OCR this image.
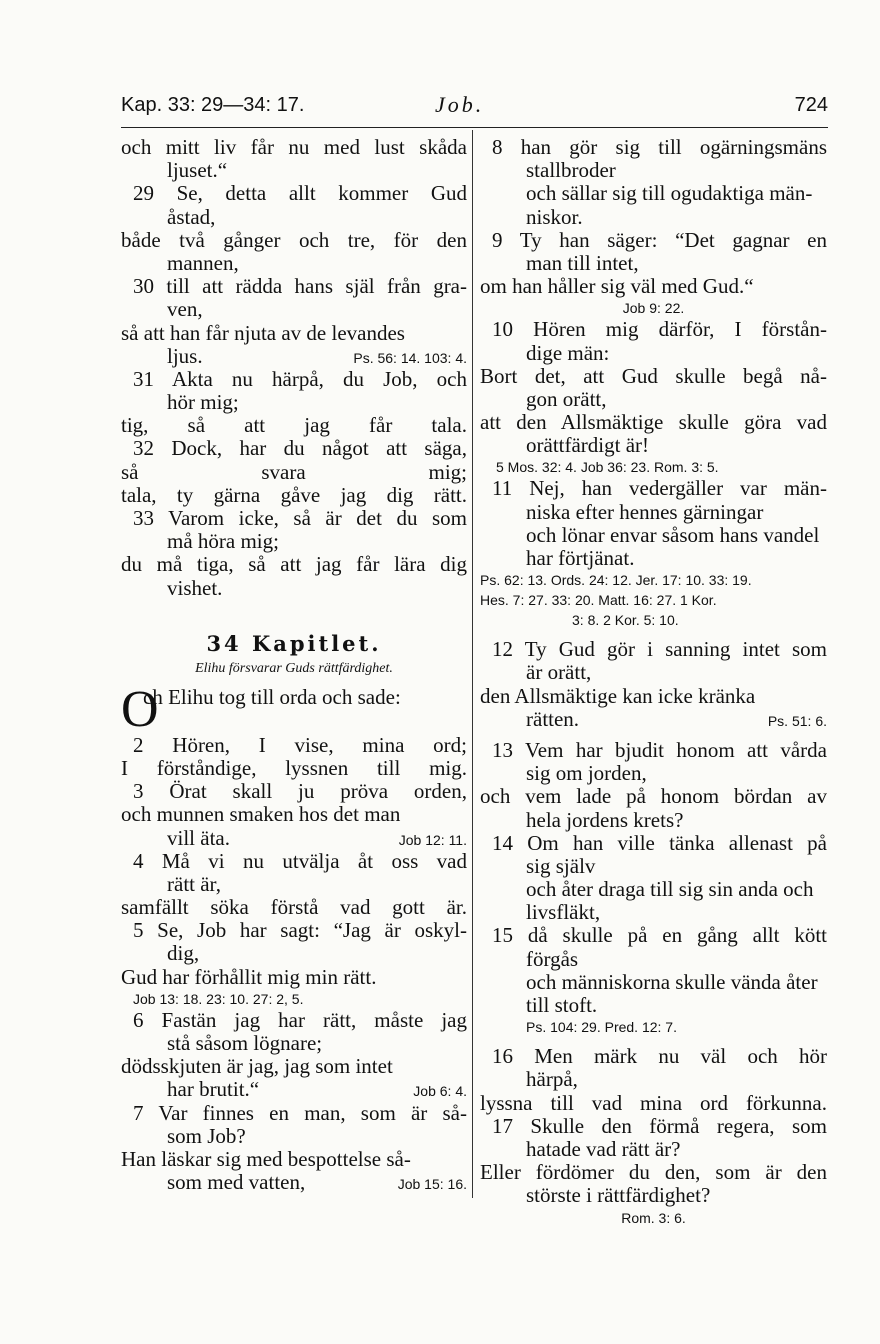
Kap. 33: 29—34: 17.	Job.	724
och mitt liv får nu med lust skåda
ljuset.“
29 Se, detta allt kommer Gud
åstad,
både två gånger och tre, för den
mannen,
30 till att rädda hans själ från gra-
ven,
så att han får njuta av de levandes
ljus.	Ps. 56: 14. 103: 4.
31 Akta nu härpå, du Job, och
hör mig;
tig, så att jag får tala.
32 Dock, har du något att säga,
så svara mig;
tala, ty gärna gåve jag dig rätt.
33 Varom icke, så är det du som
må höra mig;
du må tiga, så att jag får lära dig
vishet.
34 Kapitlet.
Elihu försvarar Guds rättfärdighet.
O
ch Elihu tog till orda och sade:
2 Hören, I vise, mina ord;
I förståndige, lyssnen till mig.
3 Örat skall ju pröva orden,
och munnen smaken hos det man
vill äta.	Job 12: 11.
4 Må vi nu utvälja åt oss vad
rätt är,
samfällt söka förstå vad gott är.
5 Se, Job har sagt: “Jag är oskyl-
dig,
Gud har förhållit mig min rätt.
Job 13: 18. 23: 10. 27: 2, 5.
6 Fastän jag har rätt, måste jag
stå såsom lögnare;
dödsskjuten är jag, jag som intet
har brutit.“	Job 6: 4.
7 Var finnes en man, som är så-
som Job?
Han läskar sig med bespottelse så-
som med vatten,	Job 15: 16.
8 han gör sig till ogärningsmäns
stallbroder
och sällar sig till ogudaktiga män-
niskor.
9 Ty han säger: “Det gagnar en
man till intet,
om han håller sig väl med Gud.“
Job 9: 22.
10 Hören mig därför, I förstån-
dige män:
Bort det, att Gud skulle begå nå-
gon orätt,
att den Allsmäktige skulle göra vad
orättfärdigt är!
5 Mos. 32: 4. Job 36: 23. Rom. 3: 5.
11 Nej, han vedergäller var män-
niska efter hennes gärningar
och lönar envar såsom hans vandel
har förtjänat.
Ps. 62: 13. Ords. 24: 12. Jer. 17: 10. 33: 19.
Hes. 7: 27. 33: 20. Matt. 16: 27. 1 Kor.
3: 8. 2 Kor. 5: 10.
12 Ty Gud gör i sanning intet som
är orätt,
den Allsmäktige kan icke kränka
rätten.	Ps. 51: 6.
13 Vem har bjudit honom att vårda
sig om jorden,
och vem lade på honom bördan av
hela jordens krets?
14 Om han ville tänka allenast på
sig själv
och åter draga till sig sin anda och
livsfläkt,
15 då skulle på en gång allt kött
förgås
och människorna skulle vända åter
till stoft.
Ps. 104: 29. Pred. 12: 7.
16 Men märk nu väl och hör
härpå,
lyssna till vad mina ord förkunna.
17 Skulle den förmå regera, som
hatade vad rätt är?
Eller fördömer du den, som är den
störste i rättfärdighet?
Rom. 3: 6.
